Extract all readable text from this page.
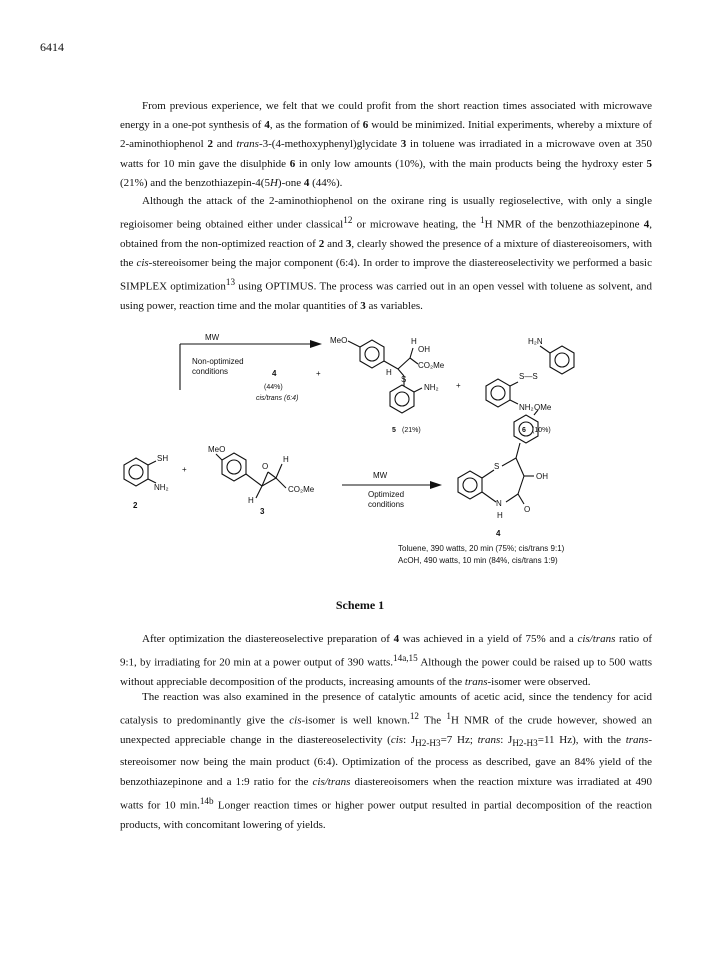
6414

From previous experience, we felt that we could profit from the short reaction times associated with microwave energy in a one-pot synthesis of 4, as the formation of 6 would be minimized. Initial experiments, whereby a mixture of 2-aminothiophenol 2 and trans-3-(4-methoxyphenyl)glycidate 3 in toluene was irradiated in a microwave oven at 350 watts for 10 min gave the disulphide 6 in only low amounts (10%), with the main products being the hydroxy ester 5 (21%) and the benzothiazepin-4(5H)-one 4 (44%).

Although the attack of the 2-aminothiophenol on the oxirane ring is usually regioselective, with only a single regioisomer being obtained either under classical$^{12}$ or microwave heating, the $^1$H NMR of the benzothiazepinone 4, obtained from the non-optimized reaction of 2 and 3, clearly showed the presence of a mixture of diastereoisomers, with the cis-stereoisomer being the major component (6:4). In order to improve the diastereoselectivity we performed a basic SIMPLEX optimization$^{13}$ using OPTIMUS. The process was carried out in an open vessel with toluene as solvent, and using power, reaction time and the molar quantities of 3 as variables.

MW
Non-optimized
conditions	4	+
(44%)
cis/trans (6:4)
MeO	H
OH
CO₂Me
H
S
NH₂ +
5 (21%)
H₂N
S—S
NH₂
6 (10%)
SH
NH₂
2
+
MeO
O
H
CO₂Me
H
3
MW
Optimized
conditions
OMe
S
OH
N
O
H
4
Toluene, 390 watts, 20 min (75%; cis/trans 9:1)
AcOH, 490 watts, 10 min (84%, cis/trans 1:9)

Scheme 1

After optimization the diastereoselective preparation of 4 was achieved in a yield of 75% and a cis/trans ratio of 9:1, by irradiating for 20 min at a power output of 390 watts.$^{14a,15}$ Although the power could be raised up to 500 watts without appreciable decomposition of the products, increasing amounts of the trans-isomer were observed.

The reaction was also examined in the presence of catalytic amounts of acetic acid, since the tendency for acid catalysis to predominantly give the cis-isomer is well known.$^{12}$ The $^1$H NMR of the crude however, showed an unexpected appreciable change in the diastereoselectivity (cis: $J_{H2-H3}=7$ Hz; trans: $J_{H2-H3}=11$ Hz), with the trans-stereoisomer now being the main product (6:4). Optimization of the process as described, gave an 84% yield of the benzothiazepinone and a 1:9 ratio for the cis/trans diastereoisomers when the reaction mixture was irradiated at 490 watts for 10 min.$^{14b}$ Longer reaction times or higher power output resulted in partial decomposition of the reaction products, with concomitant lowering of yields.
